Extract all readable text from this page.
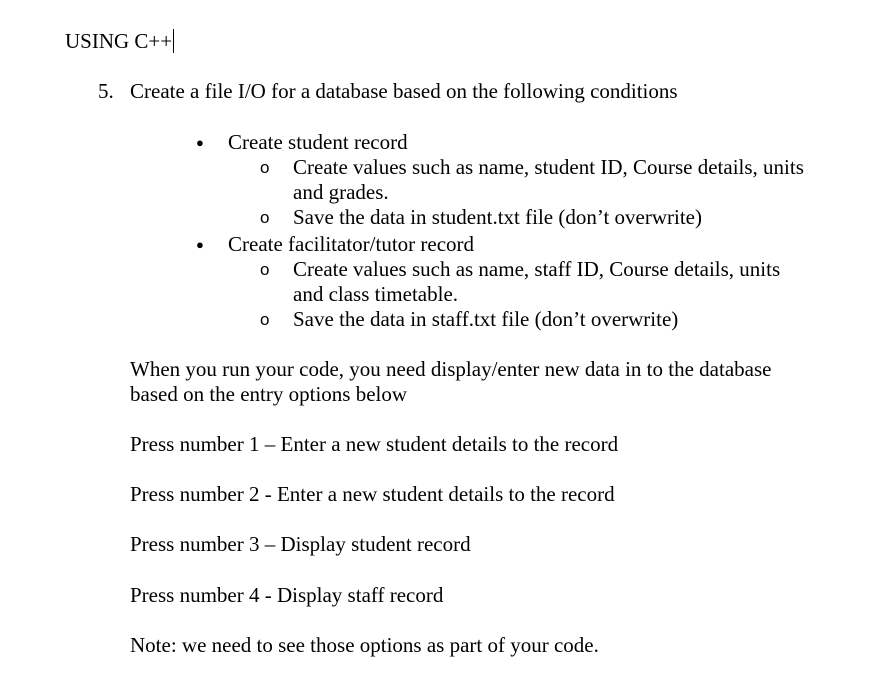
USING C++
5. Create a file I/O for a database based on the following conditions
● Create student record
o Create values such as name, student ID, Course details, units and grades.
o Save the data in student.txt file (don’t overwrite)
● Create facilitator/tutor record
o Create values such as name, staff ID, Course details, units and class timetable.
o Save the data in staff.txt file (don’t overwrite)
When you run your code, you need display/enter new data in to the database based on the entry options below
Press number 1 – Enter a new student details to the record
Press number 2 - Enter a new student details to the record
Press number 3 – Display student record
Press number 4 - Display staff record
Note: we need to see those options as part of your code.
